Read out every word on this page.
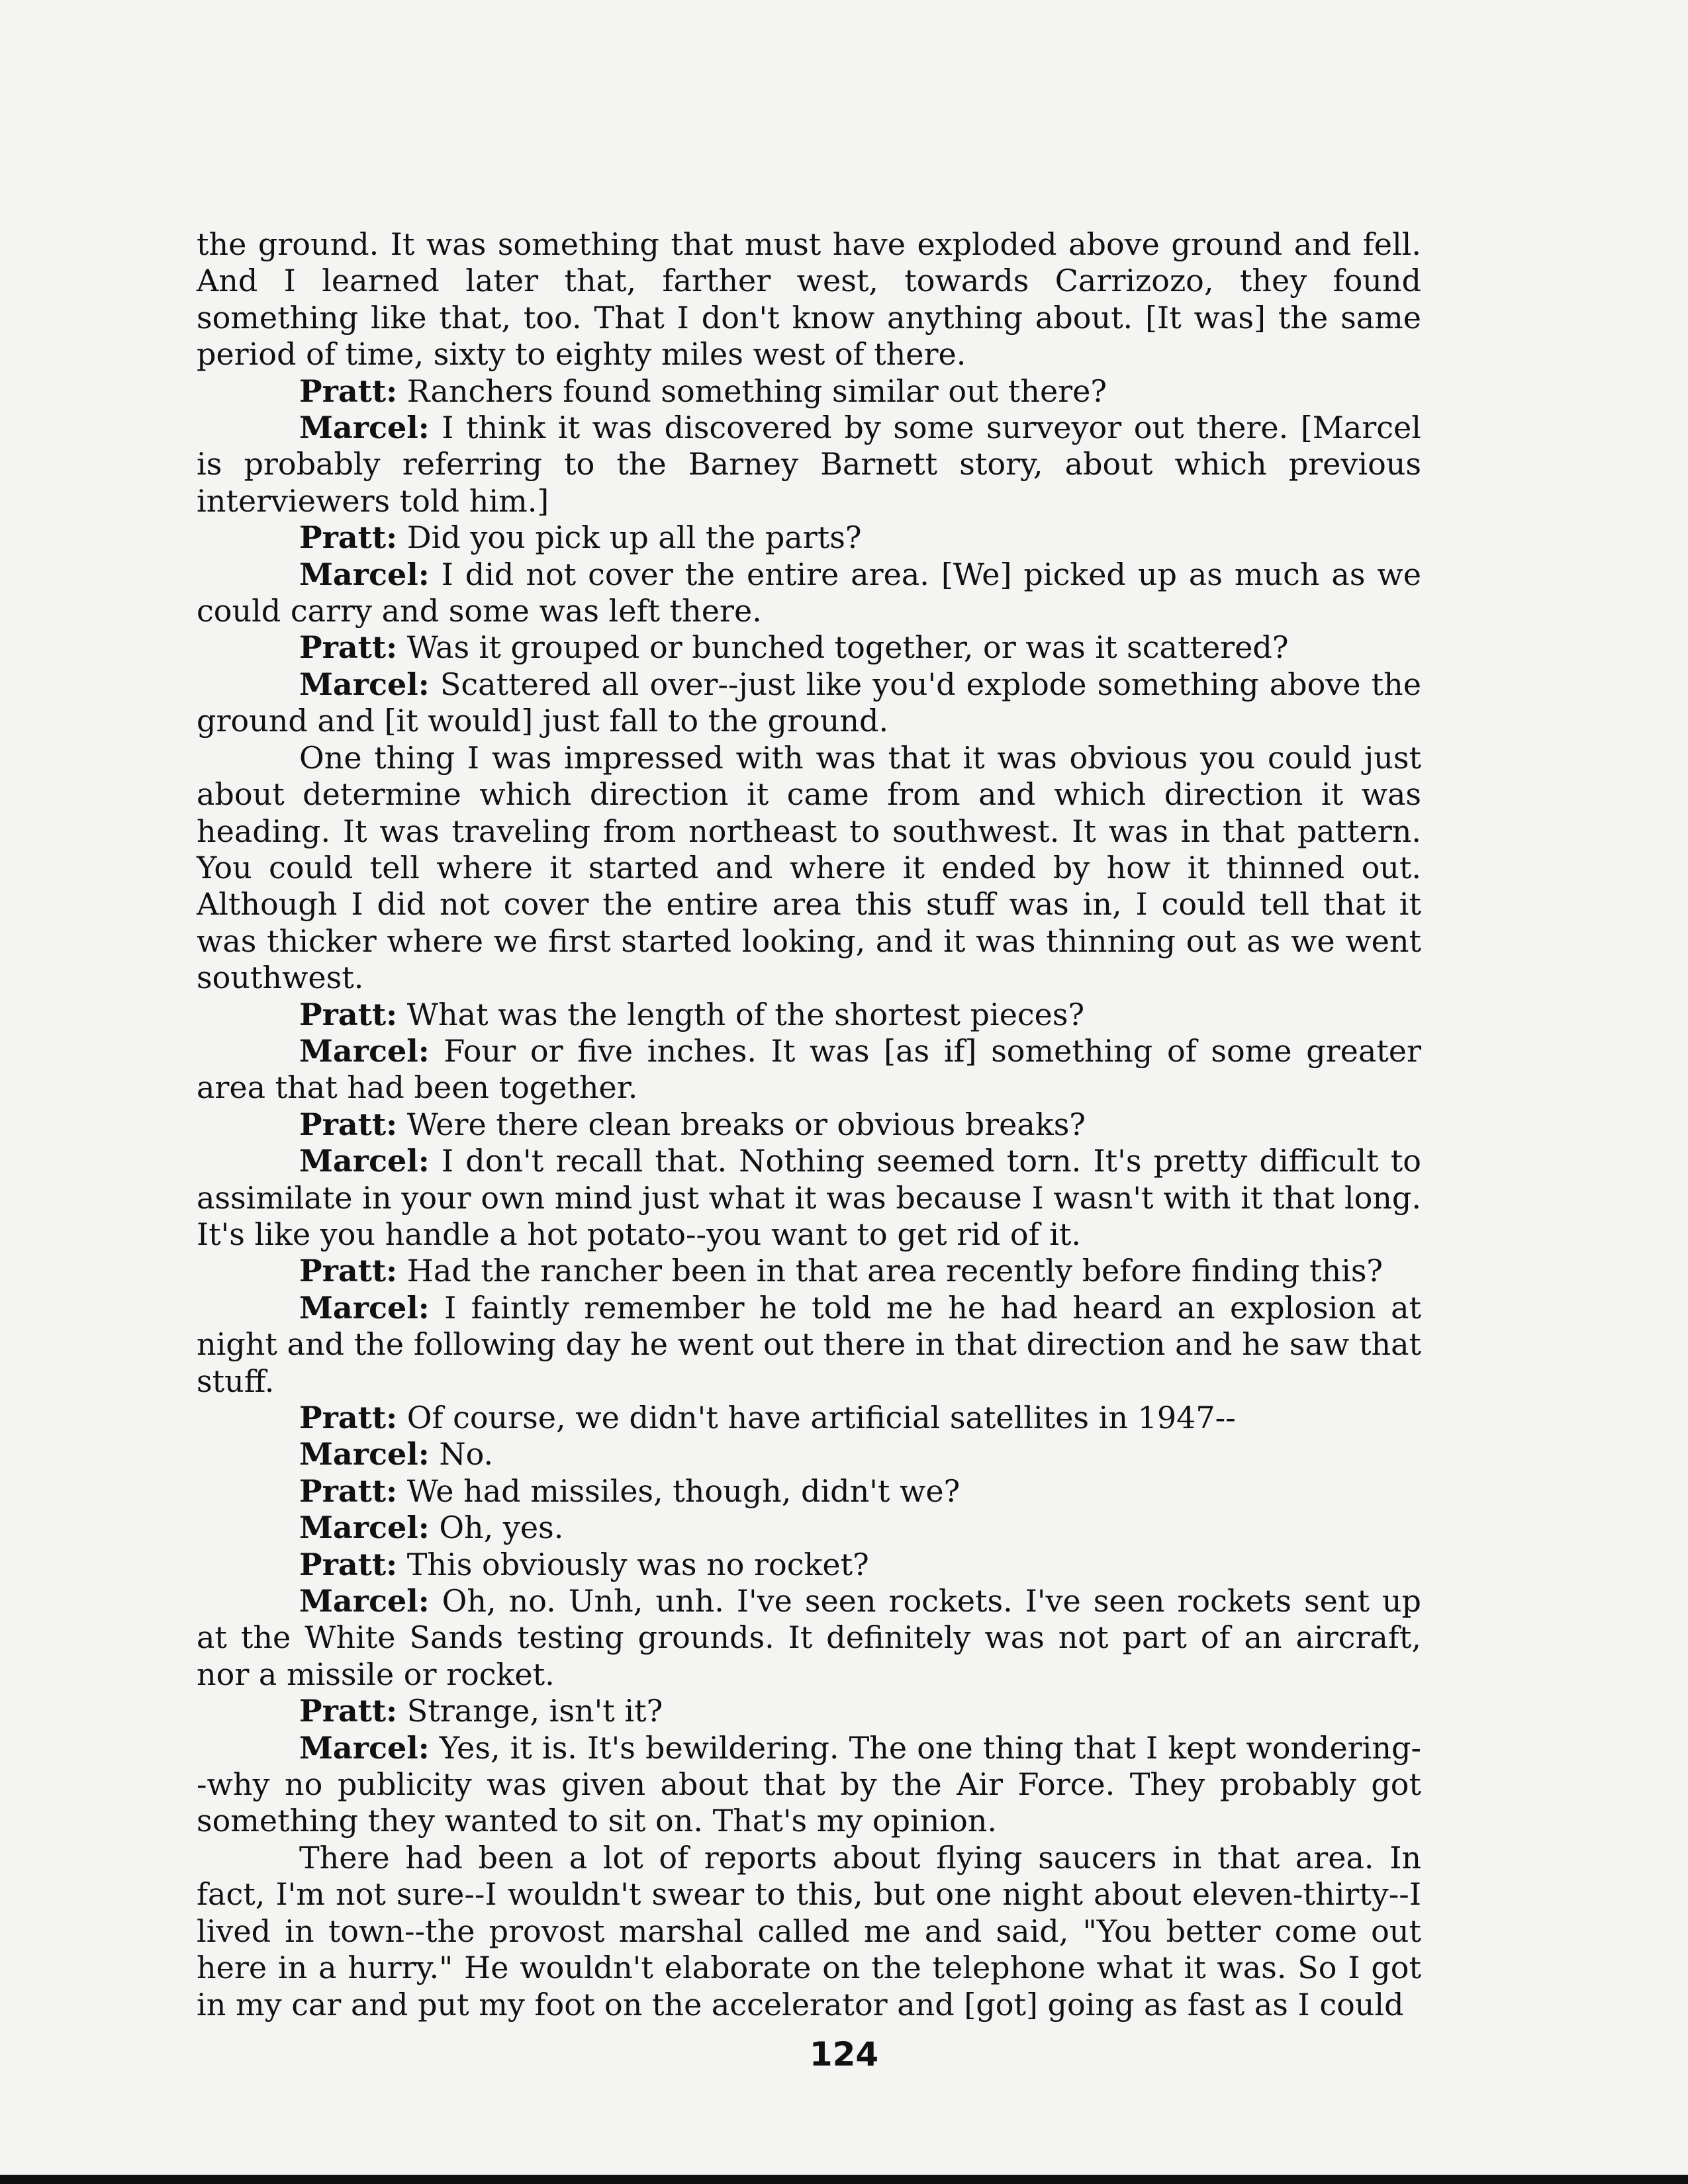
the ground. It was something that must have exploded above ground and fell. And I learned later that, farther west, towards Carrizozo, they found something like that, too. That I don't know anything about. [It was] the same period of time, sixty to eighty miles west of there.

Pratt: Ranchers found something similar out there?

Marcel: I think it was discovered by some surveyor out there. [Marcel is probably referring to the Barney Barnett story, about which previous interviewers told him.]

Pratt: Did you pick up all the parts?

Marcel: I did not cover the entire area. [We] picked up as much as we could carry and some was left there.

Pratt: Was it grouped or bunched together, or was it scattered?

Marcel: Scattered all over--just like you'd explode something above the ground and [it would] just fall to the ground.

One thing I was impressed with was that it was obvious you could just about determine which direction it came from and which direction it was heading. It was traveling from northeast to southwest. It was in that pattern. You could tell where it started and where it ended by how it thinned out. Although I did not cover the entire area this stuff was in, I could tell that it was thicker where we first started looking, and it was thinning out as we went southwest.

Pratt: What was the length of the shortest pieces?

Marcel: Four or five inches. It was [as if] something of some greater area that had been together.

Pratt: Were there clean breaks or obvious breaks?

Marcel: I don't recall that. Nothing seemed torn. It's pretty difficult to assimilate in your own mind just what it was because I wasn't with it that long. It's like you handle a hot potato--you want to get rid of it.

Pratt: Had the rancher been in that area recently before finding this?

Marcel: I faintly remember he told me he had heard an explosion at night and the following day he went out there in that direction and he saw that stuff.

Pratt: Of course, we didn't have artificial satellites in 1947--

Marcel: No.

Pratt: We had missiles, though, didn't we?

Marcel: Oh, yes.

Pratt: This obviously was no rocket?

Marcel: Oh, no. Unh, unh. I've seen rockets. I've seen rockets sent up at the White Sands testing grounds. It definitely was not part of an aircraft, nor a missile or rocket.

Pratt: Strange, isn't it?

Marcel: Yes, it is. It's bewildering. The one thing that I kept wondering--why no publicity was given about that by the Air Force. They probably got something they wanted to sit on. That's my opinion.

There had been a lot of reports about flying saucers in that area. In fact, I'm not sure--I wouldn't swear to this, but one night about eleven-thirty--I lived in town--the provost marshal called me and said, "You better come out here in a hurry." He wouldn't elaborate on the telephone what it was. So I got in my car and put my foot on the accelerator and [got] going as fast as I could

124
